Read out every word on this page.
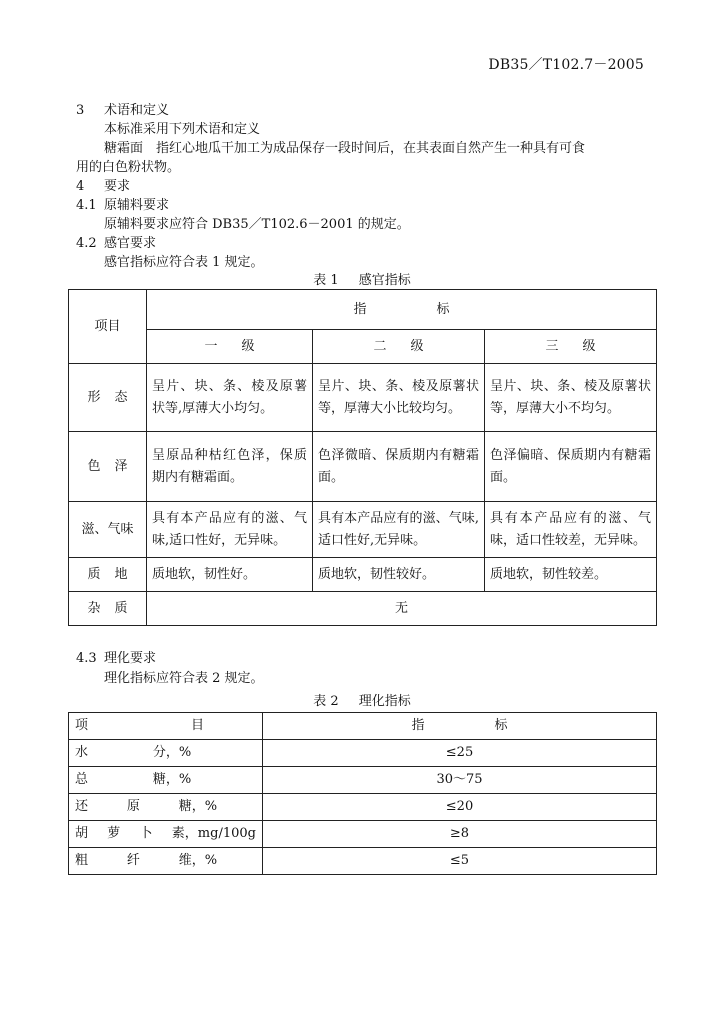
DB35／T102.7－2005
3 术语和定义
本标准采用下列术语和定义
糖霜面 指红心地瓜干加工为成品保存一段时间后，在其表面自然产生一种具有可食
用的白色粉状物。
4 要求
4.1 原辅料要求
原辅料要求应符合 DB35／T102.6－2001 的规定。
4.2 感官要求
感官指标应符合表 1 规定。
表 1 感官指标
项目	指 标		

	一 级	二 级	三 级

形 态	呈片、块、条、棱及原薯状等,厚薄大小均匀。	呈片、块、条、棱及原薯状等，厚薄大小比较均匀。	呈片、块、条、棱及原薯状等，厚薄大小不均匀。

色 泽	呈原品种枯红色泽，保质期内有糖霜面。	色泽微暗、保质期内有糖霜面。	色泽偏暗、保质期内有糖霜面。
滋、气味	具有本产品应有的滋、气味,适口性好，无异味。	具有本产品应有的滋、气味,适口性好,无异味。	具有本产品应有的滋、气味，适口性较差，无异味。

质 地	质地软，韧性好。	质地软，韧性较好。	质地软，韧性较差。

杂 质	无		
4.3 理化要求
理化指标应符合表 2 规定。
表 2 理化指标
项 目	指 标

水 分，%	≤25

总 糖，%	30～75

还 原 糖，%	≤20

胡 萝 卜 素，mg/100g	≥8

粗 纤 维，%	≤5
